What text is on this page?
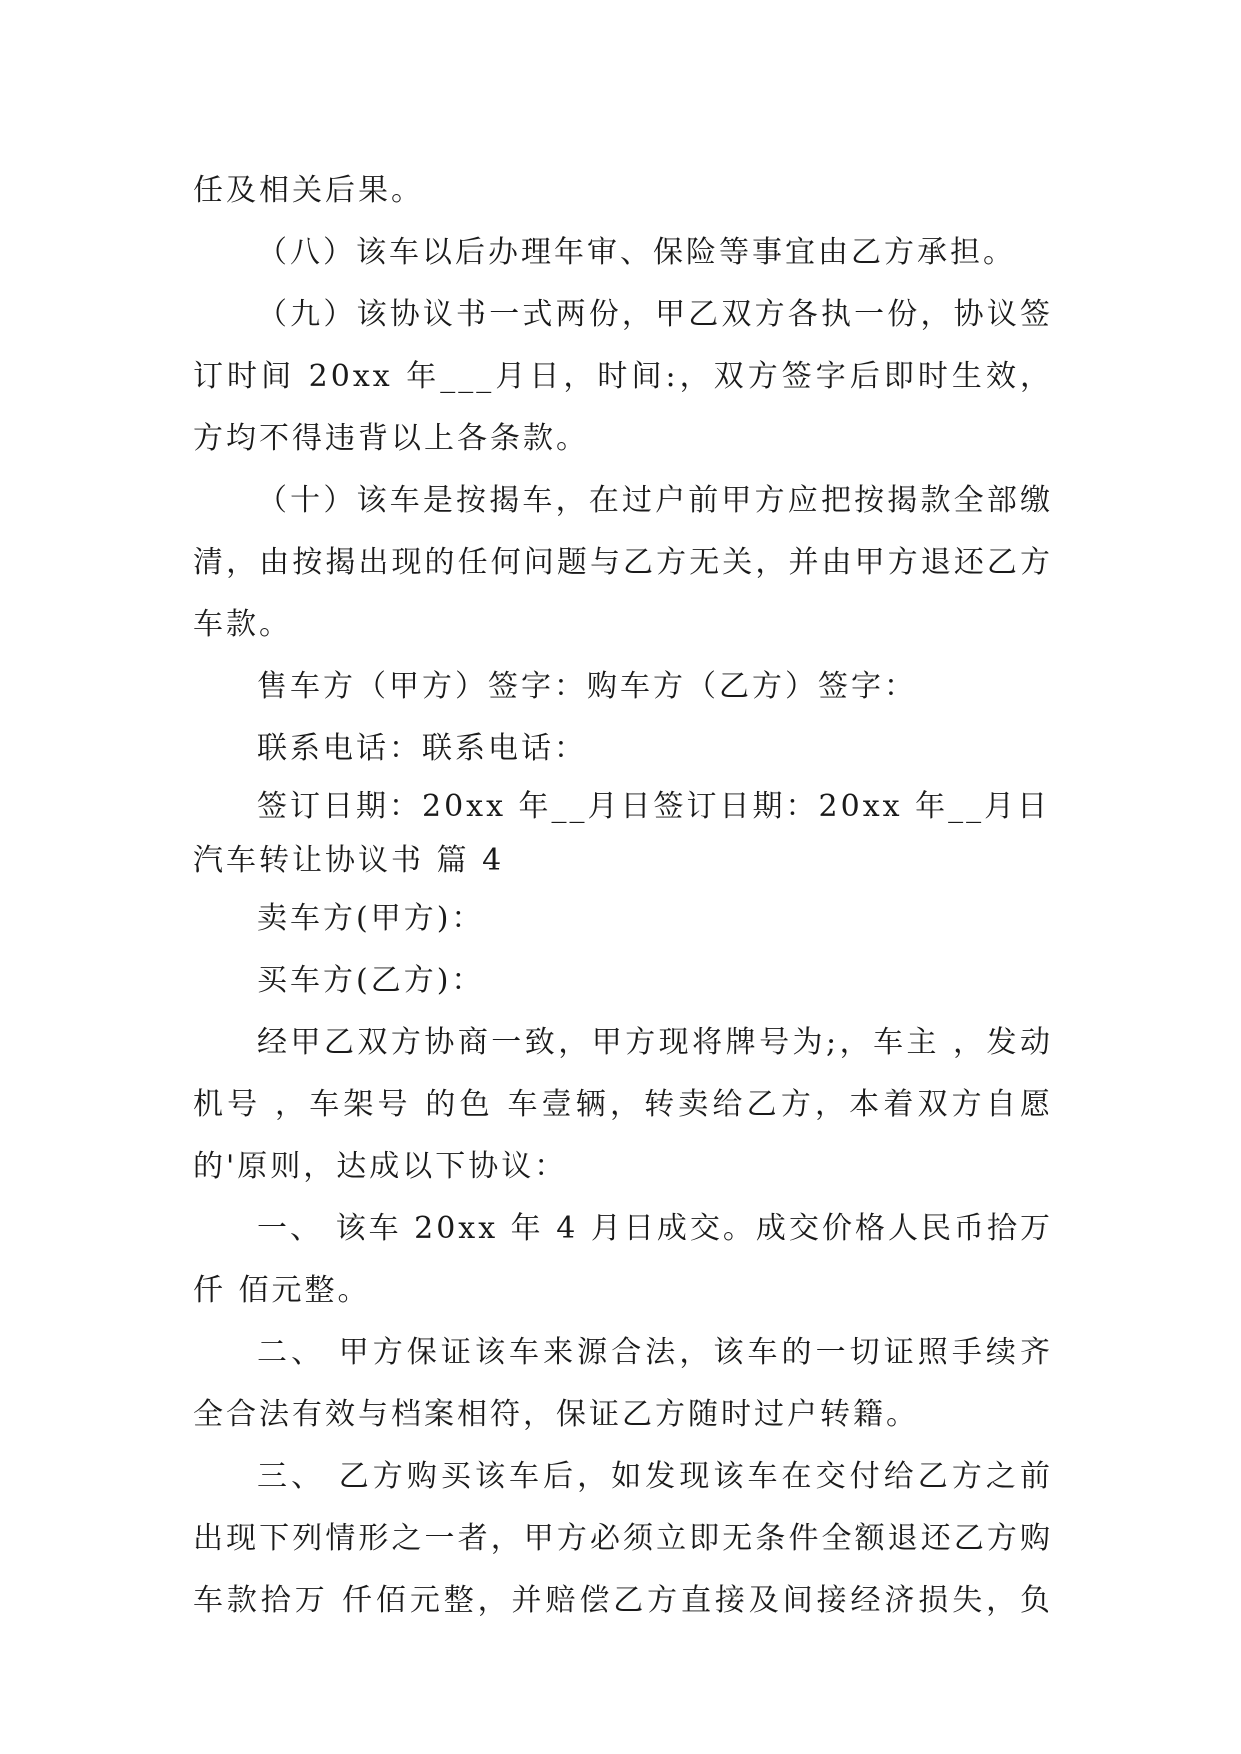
任及相关后果。
（八）该车以后办理年审、保险等事宜由乙方承担。
（九）该协议书一式两份，甲乙双方各执一份，协议签
订时间 20xx 年___月日，时间:，双方签字后即时生效，
方均不得违背以上各条款。
（十）该车是按揭车，在过户前甲方应把按揭款全部缴
清，由按揭出现的任何问题与乙方无关，并由甲方退还乙方
车款。
售车方（甲方）签字：购车方（乙方）签字：
联系电话：联系电话：
签订日期：20xx 年__月日签订日期：20xx 年__月日
汽车转让协议书 篇 4
卖车方(甲方)：
买车方(乙方)：
经甲乙双方协商一致，甲方现将牌号为;，车主 ，发动
机号 ，车架号 的色 车壹辆，转卖给乙方，本着双方自愿
的'原则，达成以下协议：
一、 该车 20xx 年 4 月日成交。成交价格人民币拾万
仟 佰元整。
二、 甲方保证该车来源合法，该车的一切证照手续齐
全合法有效与档案相符，保证乙方随时过户转籍。
三、 乙方购买该车后，如发现该车在交付给乙方之前
出现下列情形之一者，甲方必须立即无条件全额退还乙方购
车款拾万 仟佰元整，并赔偿乙方直接及间接经济损失，负
